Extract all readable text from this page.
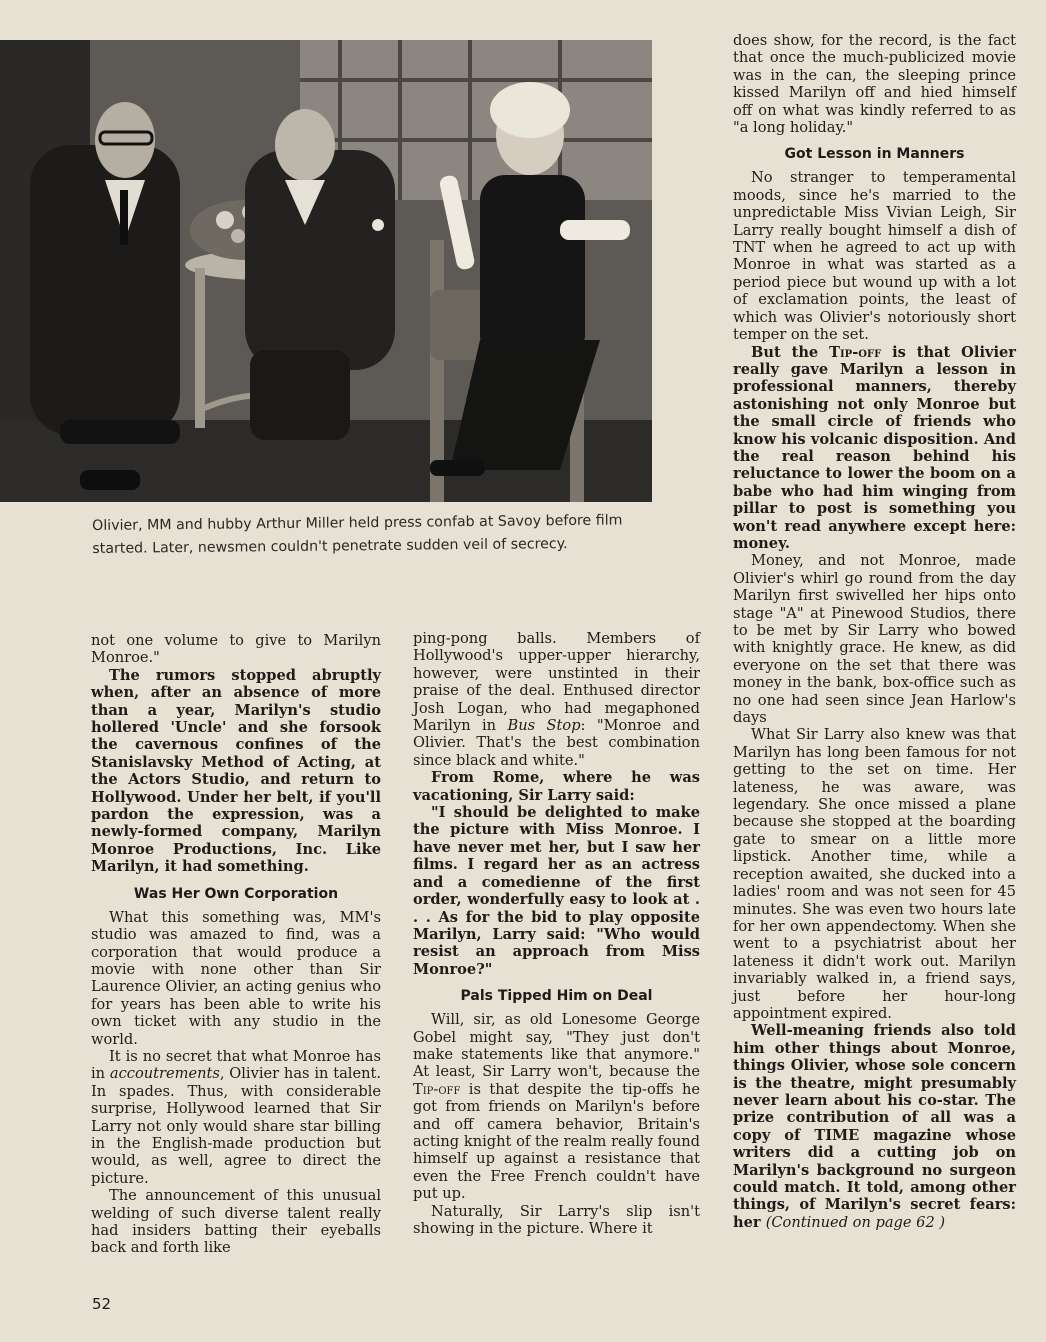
Olivier, MM and hubby Arthur Miller held press confab at Savoy before film started. Later, newsmen couldn't penetrate sudden veil of secrecy.

not one volume to give to Marilyn Monroe."

The rumors stopped abruptly when, after an absence of more than a year, Marilyn's studio hollered 'Uncle' and she forsook the cavernous confines of the Stanislavsky Method of Acting, at the Actors Studio, and return to Hollywood. Under her belt, if you'll pardon the expression, was a newly-formed company, Marilyn Monroe Productions, Inc. Like Marilyn, it had something.

Was Her Own Corporation

What this something was, MM's studio was amazed to find, was a corporation that would produce a movie with none other than Sir Laurence Olivier, an acting genius who for years has been able to write his own ticket with any studio in the world.

It is no secret that what Monroe has in accoutrements, Olivier has in talent. In spades. Thus, with considerable surprise, Hollywood learned that Sir Larry not only would share star billing in the English-made production but would, as well, agree to direct the picture.

The announcement of this unusual welding of such diverse talent really had insiders batting their eyeballs back and forth like

ping-pong balls. Members of Hollywood's upper-upper hierarchy, however, were unstinted in their praise of the deal. Enthused director Josh Logan, who had megaphoned Marilyn in Bus Stop: "Monroe and Olivier. That's the best combination since black and white."

From Rome, where he was vacationing, Sir Larry said:

"I should be delighted to make the picture with Miss Monroe. I have never met her, but I saw her films. I regard her as an actress and a comedienne of the first order, wonderfully easy to look at . . . As for the bid to play opposite Marilyn, Larry said: "Who would resist an approach from Miss Monroe?"

Pals Tipped Him on Deal

Will, sir, as old Lonesome George Gobel might say, "They just don't make statements like that anymore." At least, Sir Larry won't, because the Tip-off is that despite the tip-offs he got from friends on Marilyn's before and off camera behavior, Britain's acting knight of the realm really found himself up against a resistance that even the Free French couldn't have put up.

Naturally, Sir Larry's slip isn't showing in the picture. Where it

does show, for the record, is the fact that once the much-publicized movie was in the can, the sleeping prince kissed Marilyn off and hied himself off on what was kindly referred to as "a long holiday."

Got Lesson in Manners

No stranger to temperamental moods, since he's married to the unpredictable Miss Vivian Leigh, Sir Larry really bought himself a dish of TNT when he agreed to act up with Monroe in what was started as a period piece but wound up with a lot of exclamation points, the least of which was Olivier's notoriously short temper on the set.

But the Tip-off is that Olivier really gave Marilyn a lesson in professional manners, thereby astonishing not only Monroe but the small circle of friends who know his volcanic disposition. And the real reason behind his reluctance to lower the boom on a babe who had him winging from pillar to post is something you won't read anywhere except here: money.

Money, and not Monroe, made Olivier's whirl go round from the day Marilyn first swivelled her hips onto stage "A" at Pinewood Studios, there to be met by Sir Larry who bowed with knightly grace. He knew, as did everyone on the set that there was money in the bank, box-office such as no one had seen since Jean Harlow's days

What Sir Larry also knew was that Marilyn has long been famous for not getting to the set on time. Her lateness, he was aware, was legendary. She once missed a plane because she stopped at the boarding gate to smear on a little more lipstick. Another time, while a reception awaited, she ducked into a ladies' room and was not seen for 45 minutes. She was even two hours late for her own appendectomy. When she went to a psychiatrist about her lateness it didn't work out. Marilyn invariably walked in, a friend says, just before her hour-long appointment expired.

Well-meaning friends also told him other things about Monroe, things Olivier, whose sole concern is the theatre, might presumably never learn about his co-star. The prize contribution of all was a copy of TIME magazine whose writers did a cutting job on Marilyn's background no surgeon could match. It told, among other things, of Marilyn's secret fears: her (Continued on page 62 )

52
